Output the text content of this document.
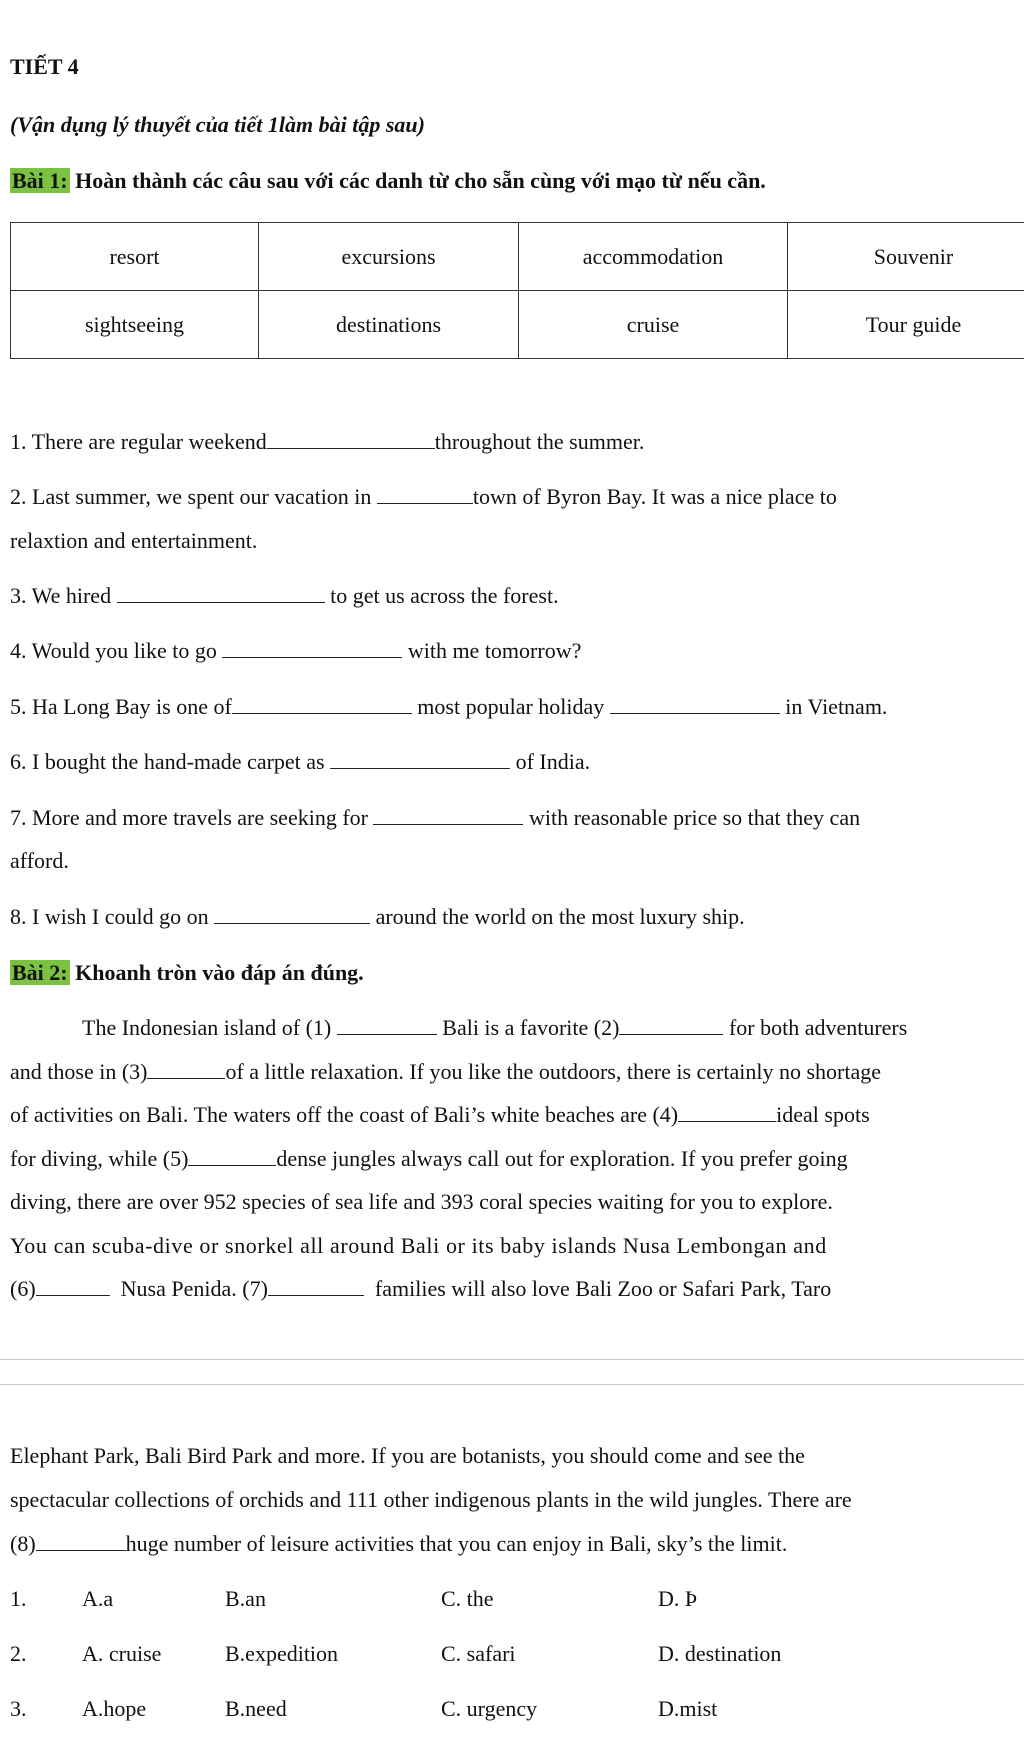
TIẾT 4
(Vận dụng lý thuyết của tiết 1làm bài tập sau)
Bài 1: Hoàn thành các câu sau với các danh từ cho sẵn cùng với mạo từ nếu cần.
resort	excursions	accommodation	Souvenir
sightseeing	destinations	cruise	Tour guide
1. There are regular weekend	throughout the summer.
2. Last summer, we spent our vacation in	town of Byron Bay. It was a nice place to
relaxtion and entertainment.
3. We hired	to get us across the forest.
4. Would you like to go	with me tomorrow?
5. Ha Long Bay is one of	most popular holiday	in Vietnam.
6. I bought the hand-made carpet as	of India.
7. More and more travels are seeking for	with reasonable price so that they can
afford.
8. I wish I could go on	around the world on the most luxury ship.
Bài 2: Khoanh tròn vào đáp án đúng.
The Indonesian island of (1)	Bali is a favorite (2)	for both adventurers
and those in (3)	of a little relaxation. If you like the outdoors, there is certainly no shortage
of activities on Bali. The waters off the coast of Bali’s white beaches are (4)	ideal spots
for diving, while (5)	dense jungles always call out for exploration. If you prefer going
diving, there are over 952 species of sea life and 393 coral species waiting for you to explore.
You can scuba-dive or snorkel all around Bali or its baby islands Nusa Lembongan and
(6)	Nusa Penida. (7)	families will also love Bali Zoo or Safari Park, Taro
Elephant Park, Bali Bird Park and more. If you are botanists, you should come and see the
spectacular collections of orchids and 111 other indigenous plants in the wild jungles. There are
(8)	huge number of leisure activities that you can enjoy in Bali, sky’s the limit.
1.	A.a	B.an	C. the	D. Þ
2.	A. cruise	B.expedition	C. safari	D. destination
3.	A.hope	B.need	C. urgency	D.mist
